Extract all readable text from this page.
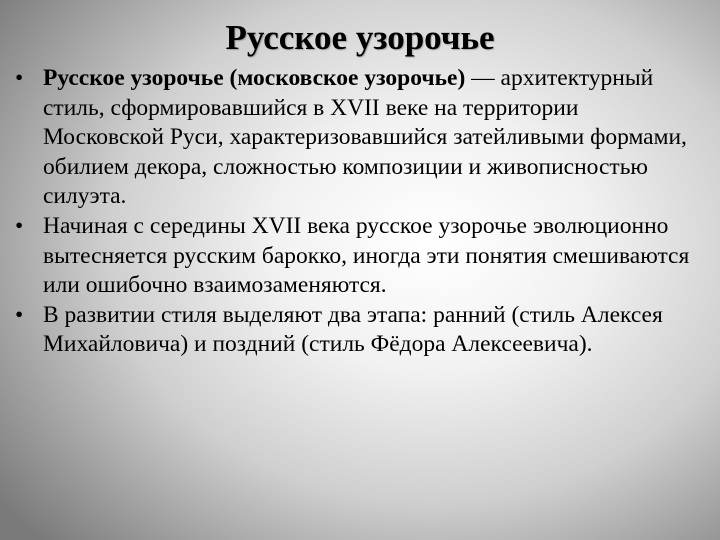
Русское узорочье
• Русское узорочье (московское узорочье) — архитектурный стиль, сформировавшийся в XVII веке на территории Московской Руси, характеризовавшийся затейливыми формами, обилием декора, сложностью композиции и живописностью силуэта.
• Начиная с середины XVII века русское узорочье эволюционно вытесняется русским барокко, иногда эти понятия смешиваются или ошибочно взаимозаменяются.
• В развитии стиля выделяют два этапа: ранний (стиль Алексея Михайловича) и поздний (стиль Фёдора Алексеевича).
